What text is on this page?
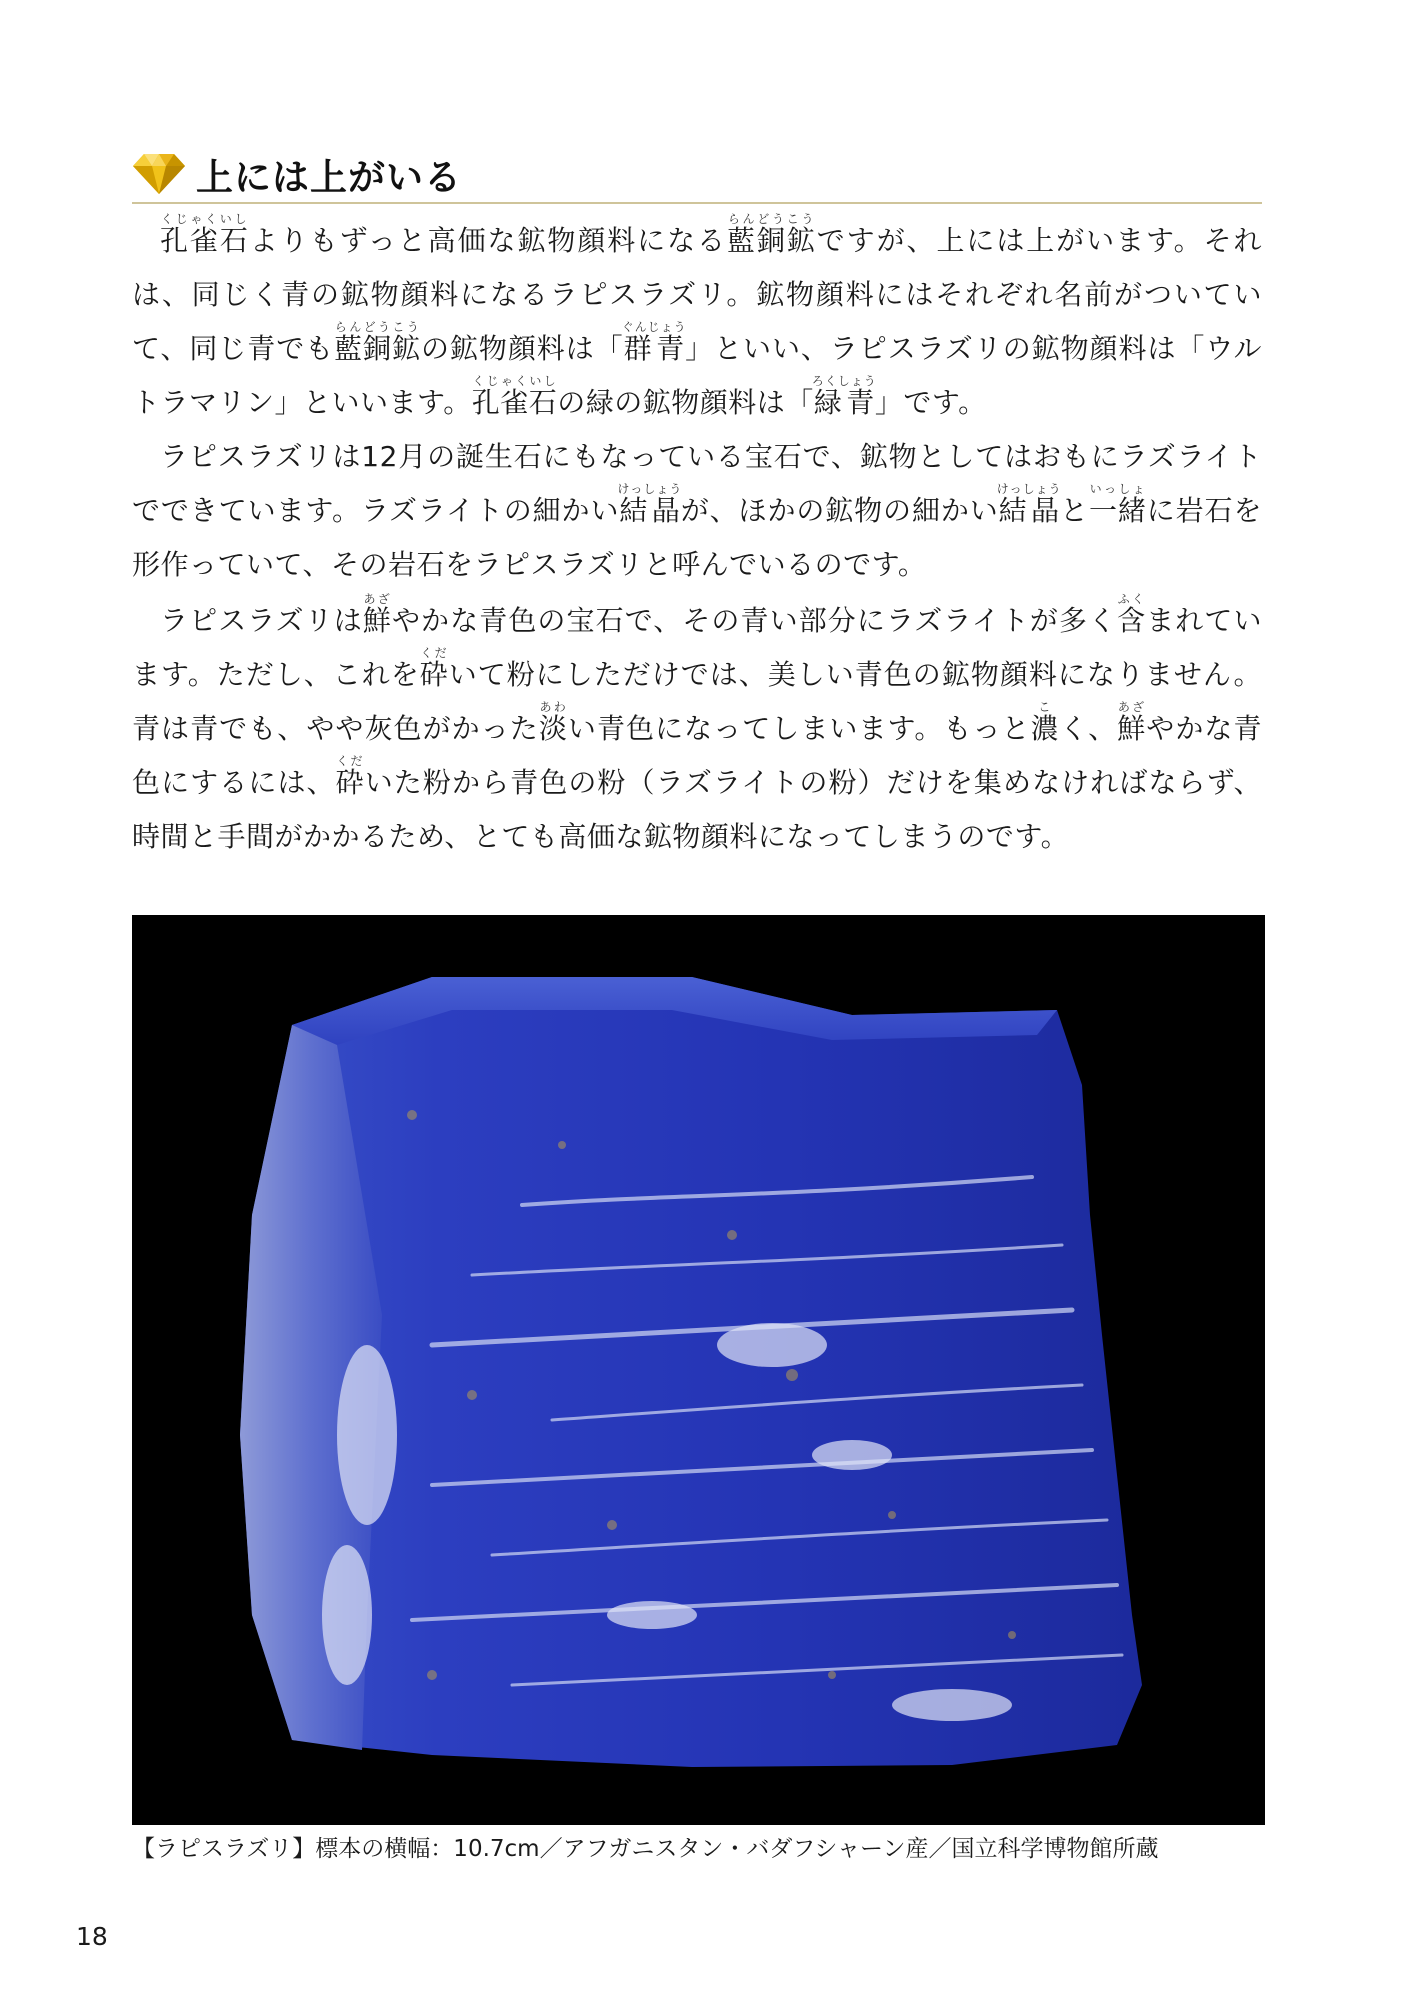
上には上がいる

孔雀石くじゃくいしよりもずっと高価な鉱物顔料になる藍銅鉱らんどうこうですが、上には上がいます。それは、同じく青の鉱物顔料になるラピスラズリ。鉱物顔料にはそれぞれ名前がついていて、同じ青でも藍銅鉱らんどうこうの鉱物顔料は「群青ぐんじょう」といい、ラピスラズリの鉱物顔料は「ウルトラマリン」といいます。孔雀石くじゃくいしの緑の鉱物顔料は「緑青ろくしょう」です。

ラピスラズリは12月の誕生石にもなっている宝石で、鉱物としてはおもにラズライトでできています。ラズライトの細かい結晶けっしょうが、ほかの鉱物の細かい結晶けっしょうと一緒いっしょに岩石を形作っていて、その岩石をラピスラズリと呼んでいるのです。

ラピスラズリは鮮あざやかな青色の宝石で、その青い部分にラズライトが多く含ふくまれています。ただし、これを砕くだいて粉にしただけでは、美しい青色の鉱物顔料になりません。青は青でも、やや灰色がかった淡あわい青色になってしまいます。もっと濃こく、鮮あざやかな青色にするには、砕くだいた粉から青色の粉（ラズライトの粉）だけを集めなければならず、時間と手間がかかるため、とても高価な鉱物顔料になってしまうのです。

【ラピスラズリ】標本の横幅：10.7cm／アフガニスタン・バダフシャーン産／国立科学博物館所蔵
18
